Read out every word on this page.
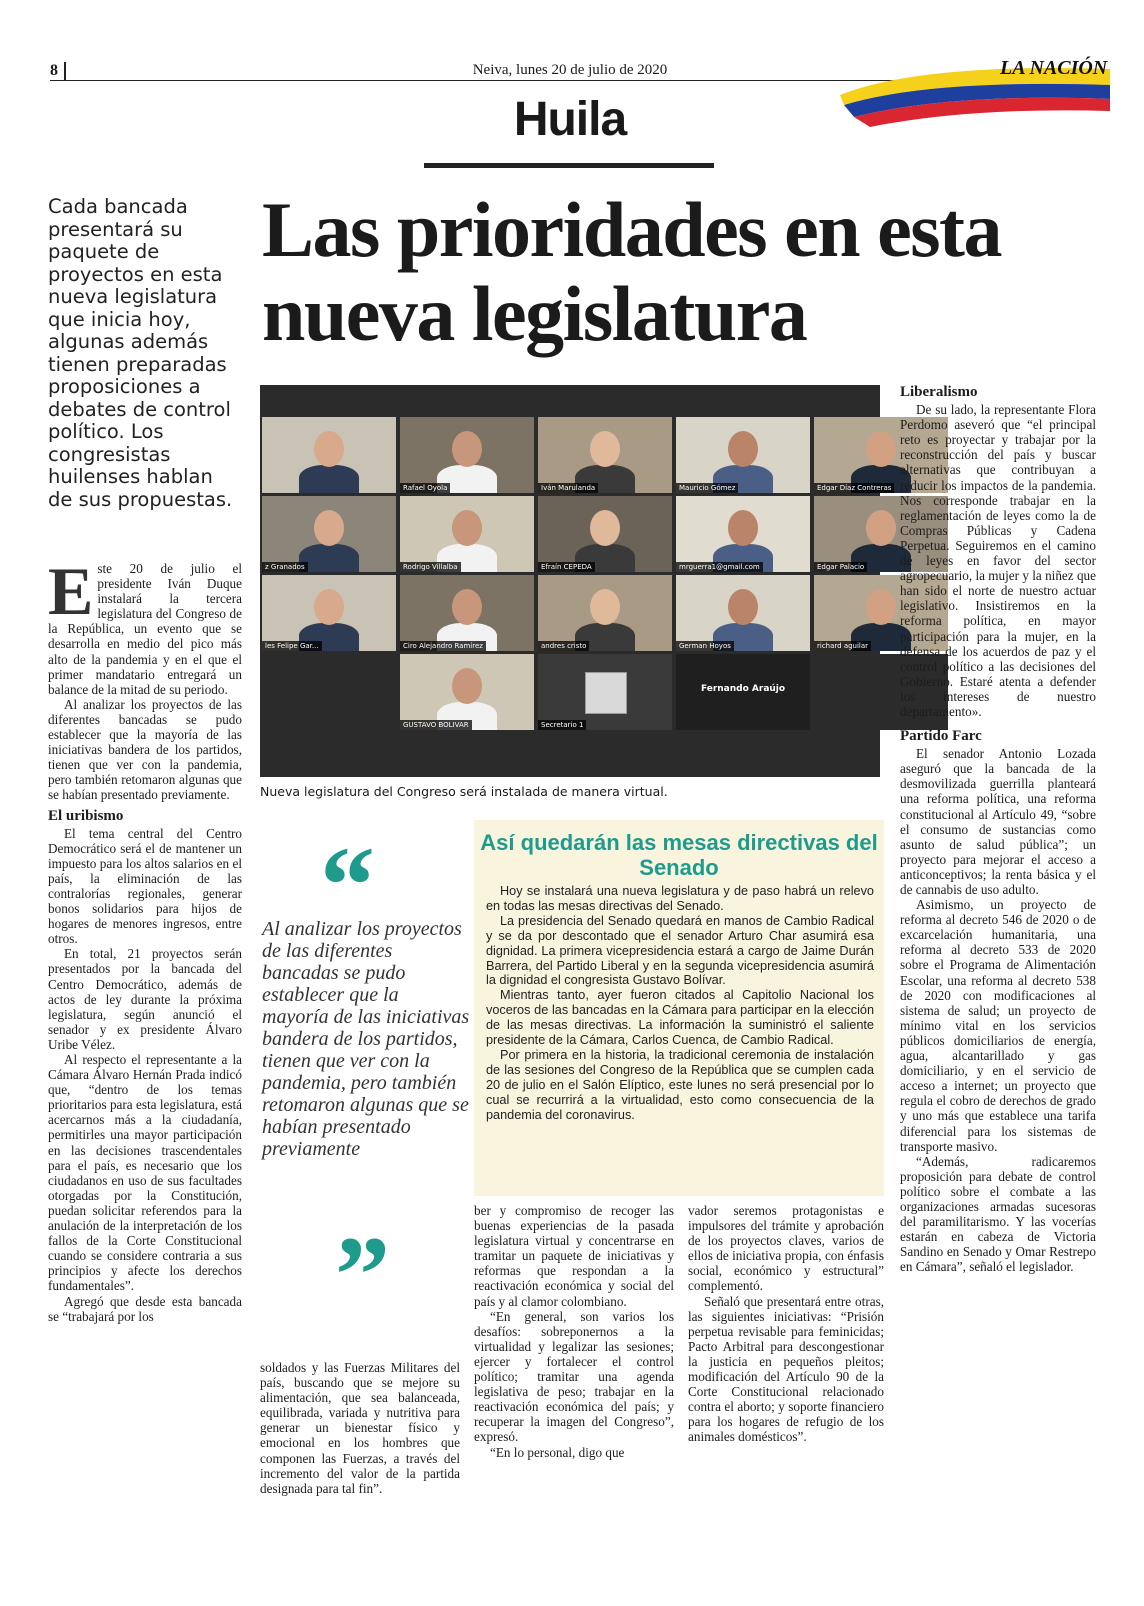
8	Neiva, lunes 20 de julio de 2020
Huila
LA NACIÓN
Cada bancada presentará su paquete de proyectos en esta nueva legislatura que inicia hoy, algunas además tienen preparadas proposiciones a debates de control político. Los congresistas huilenses hablan de sus propuestas.
Las prioridades en esta nueva legislatura
Rafael Oyola	Iván Marulanda	Mauricio Gómez	Edgar Díaz Contreras
z Granados	Rodrigo Villalba	Efraín CEPEDA	mrguerra1@gmail.com	Edgar Palacio
les Felipe Gar...	Ciro Alejandro Ramírez	andres cristo	German Hoyos	richard aguilar
GUSTAVO BOLIVAR	Secretario 1
Fernando Araújo
Nueva legislatura del Congreso será instalada de manera virtual.
E ste 20 de julio el presidente Iván Duque instalará la tercera legislatura del Congreso de la República, un evento que se desarrolla en medio del pico más alto de la pandemia y en el que el primer mandatario entregará un balance de la mitad de su periodo.

Al analizar los proyectos de las diferentes bancadas se pudo establecer que la mayoría de las iniciativas bandera de los partidos, tienen que ver con la pandemia, pero también retomaron algunas que se habían presentado previamente.

El uribismo

El tema central del Centro Democrático será el de mantener un impuesto para los altos salarios en el país, la eliminación de las contralorías regionales, generar bonos solidarios para hijos de hogares de menores ingresos, entre otros.

En total, 21 proyectos serán presentados por la bancada del Centro Democrático, además de actos de ley durante la próxima legislatura, según anunció el senador y ex presidente Álvaro Uribe Vélez.

Al respecto el representante a la Cámara Álvaro Hernán Prada indicó que, “dentro de los temas prioritarios para esta legislatura, está acercarnos más a la ciudadanía, permitirles una mayor participación en las decisiones trascendentales para el país, es necesario que los ciudadanos en uso de sus facultades otorgadas por la Constitución, puedan solicitar referendos para la anulación de la interpretación de los fallos de la Corte Constitucional cuando se considere contraria a sus principios y afecte los derechos fundamentales”.

Agregó que desde esta bancada se “trabajará por los

“
Al analizar los proyectos de las diferentes bancadas se pudo establecer que la mayoría de las iniciativas bandera de los partidos, tienen que ver con la pandemia, pero también retomaron algunas que se habían presentado previamente
”

soldados y las Fuerzas Militares del país, buscando que se mejore su alimentación, que sea balanceada, equilibrada, variada y nutritiva para generar un bienestar físico y emocional en los hombres que componen las Fuerzas, a través del incremento del valor de la partida designada para tal fin”.

Así quedarán las mesas directivas del Senado

Hoy se instalará una nueva legislatura y de paso habrá un relevo en todas las mesas directivas del Senado.

La presidencia del Senado quedará en manos de Cambio Radical y se da por descontado que el senador Arturo Char asumirá esa dignidad. La primera vicepresidencia estará a cargo de Jaime Durán Barrera, del Partido Liberal y en la segunda vicepresidencia asumirá la dignidad el congresista Gustavo Bolívar.

Mientras tanto, ayer fueron citados al Capitolio Nacional los voceros de las bancadas en la Cámara para participar en la elección de las mesas directivas. La información la suministró el saliente presidente de la Cámara, Carlos Cuenca, de Cambio Radical.

Por primera en la historia, la tradicional ceremonia de instalación de las sesiones del Congreso de la República que se cumplen cada 20 de julio en el Salón Elíptico, este lunes no será presencial por lo cual se recurrirá a la virtualidad, esto como consecuencia de la pandemia del coronavirus.

ber y compromiso de recoger las buenas experiencias de la pasada legislatura virtual y concentrarse en tramitar un paquete de iniciativas y reformas que respondan a la reactivación económica y social del país y al clamor colombiano.

“En general, son varios los desafíos: sobreponernos a la virtualidad y legalizar las sesiones; ejercer y fortalecer el control político; tramitar una agenda legislativa de peso; trabajar en la reactivación económica del país; y recuperar la imagen del Congreso”, expresó.

“En lo personal, digo que

vador seremos protagonistas e impulsores del trámite y aprobación de los proyectos claves, varios de ellos de iniciativa propia, con énfasis social, económico y estructural” complementó.

Señaló que presentará entre otras, las siguientes iniciativas: “Prisión perpetua revisable para feminicidas; Pacto Arbitral para descongestionar la justicia en pequeños pleitos; modificación del Artículo 90 de la Corte Constitucional relacionado contra el aborto; y soporte financiero para los hogares de refugio de los animales domésticos”.

Liberalismo

De su lado, la representante Flora Perdomo aseveró que “el principal reto es proyectar y trabajar por la reconstrucción del país y buscar alternativas que contribuyan a reducir los impactos de la pandemia. Nos corresponde trabajar en la reglamentación de leyes como la de Compras Públicas y Cadena Perpetua. Seguiremos en el camino de leyes en favor del sector agropecuario, la mujer y la niñez que han sido el norte de nuestro actuar legislativo. Insistiremos en la reforma política, en mayor participación para la mujer, en la defensa de los acuerdos de paz y el control político a las decisiones del Gobierno. Estaré atenta a defender los intereses de nuestro departamento».

Partido Farc

El senador Antonio Lozada aseguró que la bancada de la desmovilizada guerrilla planteará una reforma política, una reforma constitucional al Artículo 49, “sobre el consumo de sustancias como asunto de salud pública”; un proyecto para mejorar el acceso a anticonceptivos; la renta básica y el de cannabis de uso adulto.

Asimismo, un proyecto de reforma al decreto 546 de 2020 o de excarcelación humanitaria, una reforma al decreto 533 de 2020 sobre el Programa de Alimentación Escolar, una reforma al decreto 538 de 2020 con modificaciones al sistema de salud; un proyecto de mínimo vital en los servicios públicos domiciliarios de energía, agua, alcantarillado y gas domiciliario, y en el servicio de acceso a internet; un proyecto que regula el cobro de derechos de grado y uno más que establece una tarifa diferencial para los sistemas de transporte masivo.

“Además, radicaremos proposición para debate de control político sobre el combate a las organizaciones armadas sucesoras del paramilitarismo. Y las vocerías estarán en cabeza de Victoria Sandino en Senado y Omar Restrepo en Cámara”, señaló el legislador.
